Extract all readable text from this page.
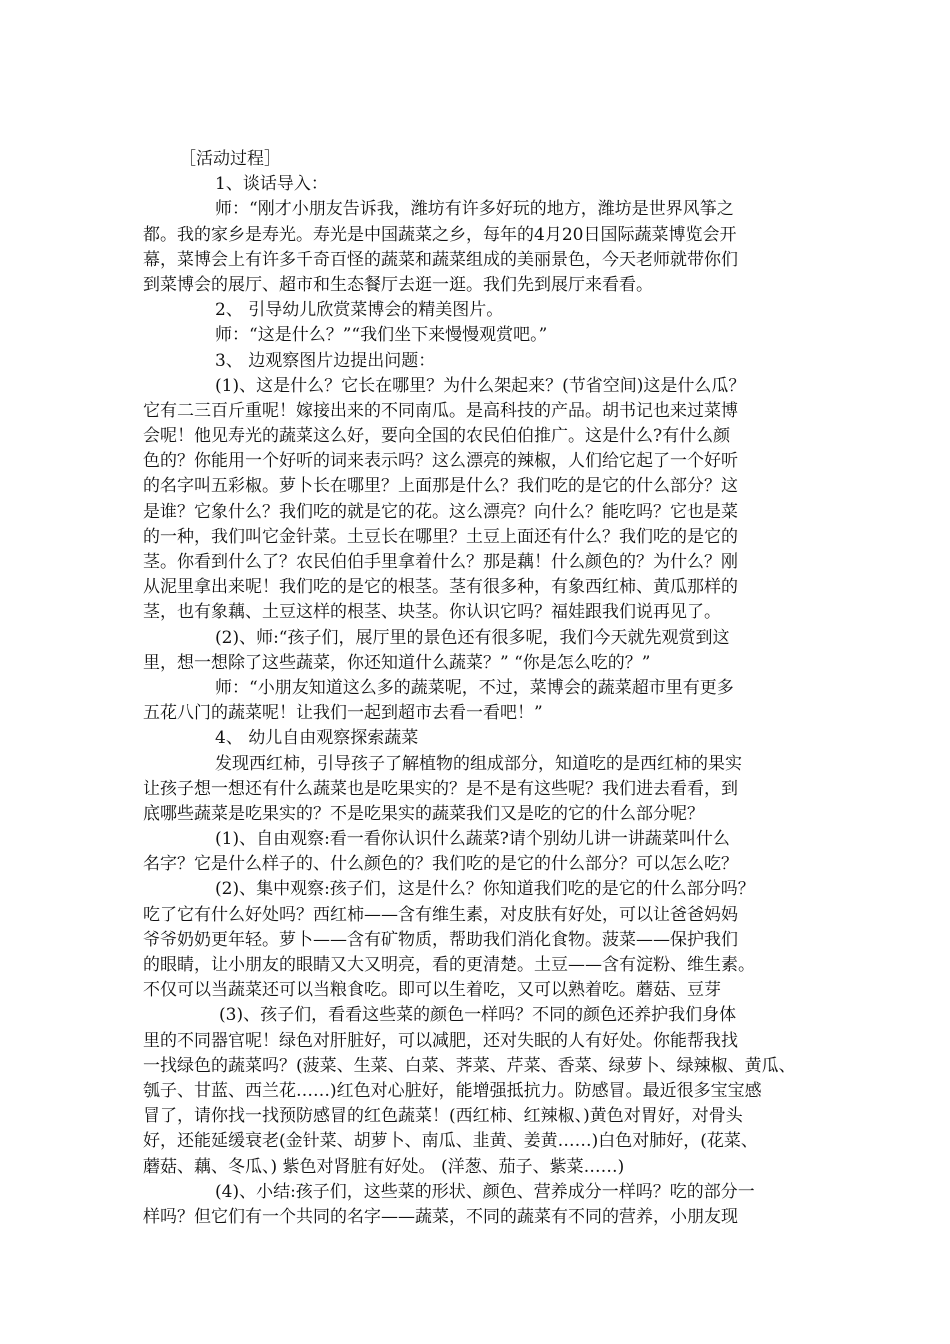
［活动过程］
1、谈话导入：
师：“刚才小朋友告诉我，潍坊有许多好玩的地方，潍坊是世界风筝之
都。我的家乡是寿光。寿光是中国蔬菜之乡，每年的4月20日国际蔬菜博览会开
幕，菜博会上有许多千奇百怪的蔬菜和蔬菜组成的美丽景色，今天老师就带你们
到菜博会的展厅、超市和生态餐厅去逛一逛。我们先到展厅来看看。
2、 引导幼儿欣赏菜博会的精美图片。
师：“这是什么？”“我们坐下来慢慢观赏吧。”
3、 边观察图片边提出问题：
(1)、这是什么？它长在哪里？为什么架起来？(节省空间)这是什么瓜？
它有二三百斤重呢！嫁接出来的不同南瓜。是高科技的产品。胡书记也来过菜博
会呢！他见寿光的蔬菜这么好，要向全国的农民伯伯推广。这是什么?有什么颜
色的？你能用一个好听的词来表示吗？这么漂亮的辣椒，人们给它起了一个好听
的名字叫五彩椒。萝卜长在哪里？上面那是什么？我们吃的是它的什么部分？这
是谁？它象什么？我们吃的就是它的花。这么漂亮？向什么？能吃吗？它也是菜
的一种，我们叫它金针菜。土豆长在哪里？土豆上面还有什么？我们吃的是它的
茎。你看到什么了？农民伯伯手里拿着什么？那是藕！什么颜色的？为什么？刚
从泥里拿出来呢！我们吃的是它的根茎。茎有很多种，有象西红柿、黄瓜那样的
茎，也有象藕、土豆这样的根茎、块茎。你认识它吗？福娃跟我们说再见了。
(2)、师:“孩子们，展厅里的景色还有很多呢，我们今天就先观赏到这
里，想一想除了这些蔬菜，你还知道什么蔬菜？” “你是怎么吃的？”
师：“小朋友知道这么多的蔬菜呢，不过，菜博会的蔬菜超市里有更多
五花八门的蔬菜呢！让我们一起到超市去看一看吧！”
4、 幼儿自由观察探索蔬菜
发现西红柿，引导孩子了解植物的组成部分，知道吃的是西红柿的果实
让孩子想一想还有什么蔬菜也是吃果实的？是不是有这些呢？我们进去看看，到
底哪些蔬菜是吃果实的？不是吃果实的蔬菜我们又是吃的它的什么部分呢？
(1)、自由观察:看一看你认识什么蔬菜?请个别幼儿讲一讲蔬菜叫什么
名字？它是什么样子的、什么颜色的？我们吃的是它的什么部分？可以怎么吃？
(2)、集中观察:孩子们，这是什么？你知道我们吃的是它的什么部分吗？
吃了它有什么好处吗？西红柿——含有维生素，对皮肤有好处，可以让爸爸妈妈
爷爷奶奶更年轻。萝卜——含有矿物质，帮助我们消化食物。菠菜——保护我们
的眼睛，让小朋友的眼睛又大又明亮，看的更清楚。土豆——含有淀粉、维生素。
不仅可以当蔬菜还可以当粮食吃。即可以生着吃，又可以熟着吃。蘑菇、豆芽
(3)、孩子们，看看这些菜的颜色一样吗？不同的颜色还养护我们身体
里的不同器官呢！绿色对肝脏好，可以减肥，还对失眠的人有好处。你能帮我找
一找绿色的蔬菜吗？(菠菜、生菜、白菜、荠菜、芹菜、香菜、绿萝卜、绿辣椒、黄瓜、
瓠子、甘蓝、西兰花……)红色对心脏好，能增强抵抗力。防感冒。最近很多宝宝感
冒了，请你找一找预防感冒的红色蔬菜！(西红柿、红辣椒、)黄色对胃好，对骨头
好，还能延缓衰老(金针菜、胡萝卜、南瓜、韭黄、姜黄……)白色对肺好，(花菜、
蘑菇、藕、冬瓜、) 紫色对肾脏有好处。 (洋葱、茄子、紫菜……)
(4)、小结:孩子们，这些菜的形状、颜色、营养成分一样吗？吃的部分一
样吗？但它们有一个共同的名字——蔬菜，不同的蔬菜有不同的营养，小朋友现
